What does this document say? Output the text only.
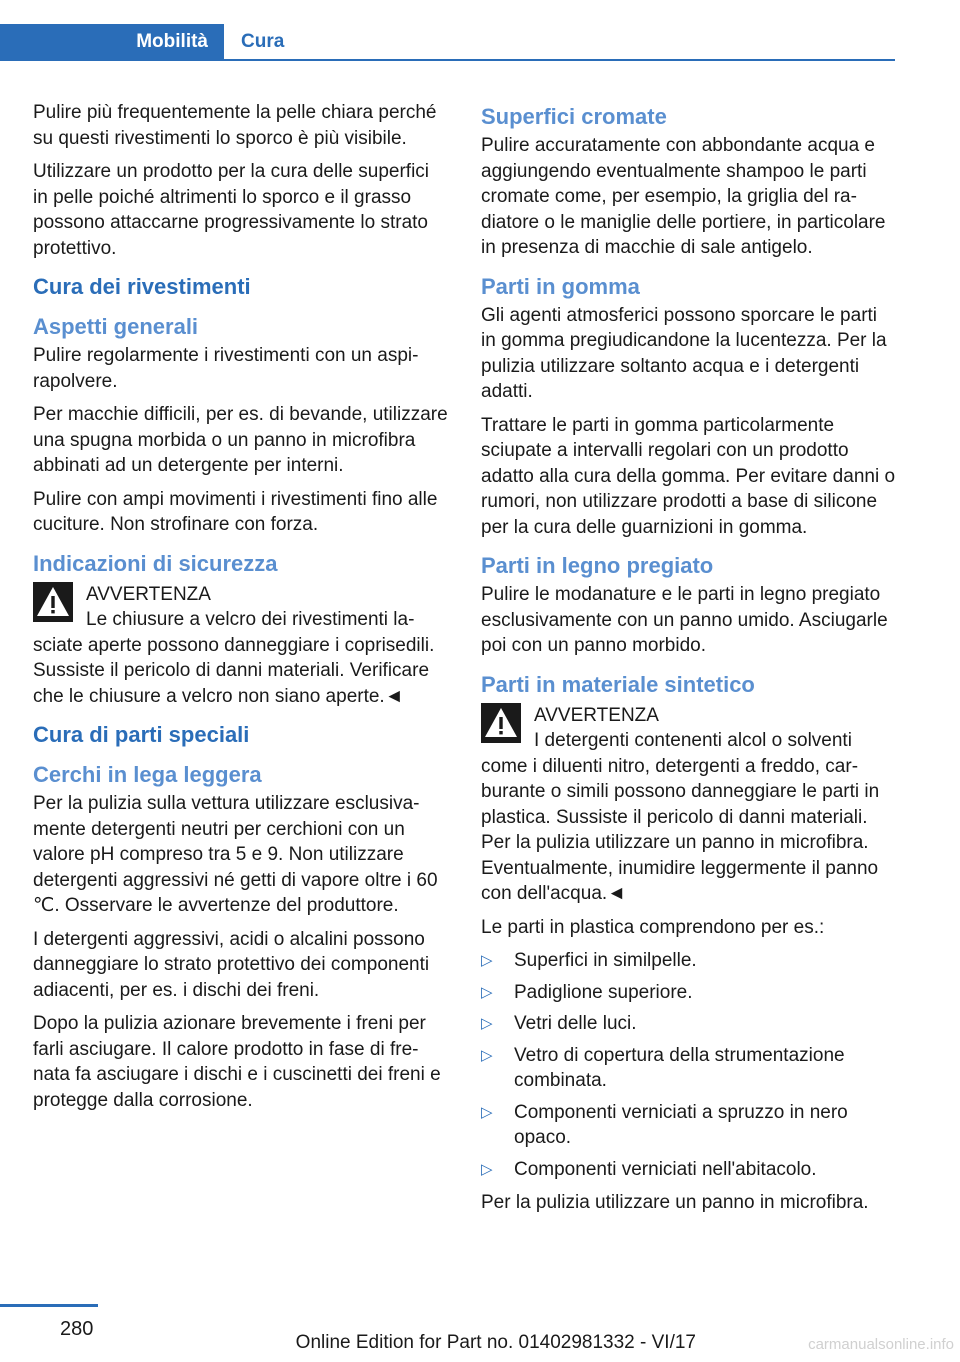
Mobilità Cura

Pulire più frequentemente la pelle chiara perché su questi rivestimenti lo sporco è più visibile.

Utilizzare un prodotto per la cura delle superfici in pelle poiché altrimenti lo sporco e il grasso possono attaccarne progressivamente lo strato protettivo.

Cura dei rivestimenti
Aspetti generali

Pulire regolarmente i rivestimenti con un aspirapolvere.

Per macchie difficili, per es. di bevande, utilizzare una spugna morbida o un panno in microfibra abbinati ad un detergente per interni.

Pulire con ampi movimenti i rivestimenti fino alle cuciture. Non strofinare con forza.

Indicazioni di sicurezza

AVVERTENZA

Le chiusure a velcro dei rivestimenti lasciate aperte possono danneggiare i coprisedili. Sussiste il pericolo di danni materiali. Verificare che le chiusure a velcro non siano aperte.◄

Cura di parti speciali
Cerchi in lega leggera

Per la pulizia sulla vettura utilizzare esclusivamente detergenti neutri per cerchioni con un valore pH compreso tra 5 e 9. Non utilizzare detergenti aggressivi né getti di vapore oltre i 60 ℃. Osservare le avvertenze del produttore.

I detergenti aggressivi, acidi o alcalini possono danneggiare lo strato protettivo dei componenti adiacenti, per es. i dischi dei freni.

Dopo la pulizia azionare brevemente i freni per farli asciugare. Il calore prodotto in fase di frenata fa asciugare i dischi e i cuscinetti dei freni e protegge dalla corrosione.

Superfici cromate

Pulire accuratamente con abbondante acqua e aggiungendo eventualmente shampoo le parti cromate come, per esempio, la griglia del radiatore o le maniglie delle portiere, in particolare in presenza di macchie di sale antigelo.

Parti in gomma

Gli agenti atmosferici possono sporcare le parti in gomma pregiudicandone la lucentezza. Per la pulizia utilizzare soltanto acqua e i detergenti adatti.

Trattare le parti in gomma particolarmente sciupate a intervalli regolari con un prodotto adatto alla cura della gomma. Per evitare danni o rumori, non utilizzare prodotti a base di silicone per la cura delle guarnizioni in gomma.

Parti in legno pregiato

Pulire le modanature e le parti in legno pregiato esclusivamente con un panno umido. Asciugarle poi con un panno morbido.

Parti in materiale sintetico

AVVERTENZA

I detergenti contenenti alcol o solventi come i diluenti nitro, detergenti a freddo, carburante o simili possono danneggiare le parti in plastica. Sussiste il pericolo di danni materiali. Per la pulizia utilizzare un panno in microfibra. Eventualmente, inumidire leggermente il panno con dell'acqua.◄

Le parti in plastica comprendono per es.:

▷ Superfici in similpelle.
▷ Padiglione superiore.
▷ Vetri delle luci.
▷ Vetro di copertura della strumentazione combinata.
▷ Componenti verniciati a spruzzo in nero opaco.
▷ Componenti verniciati nell'abitacolo.

Per la pulizia utilizzare un panno in microfibra.

280
Online Edition for Part no. 01402981332 - VI/17	carmanualsonline.info
